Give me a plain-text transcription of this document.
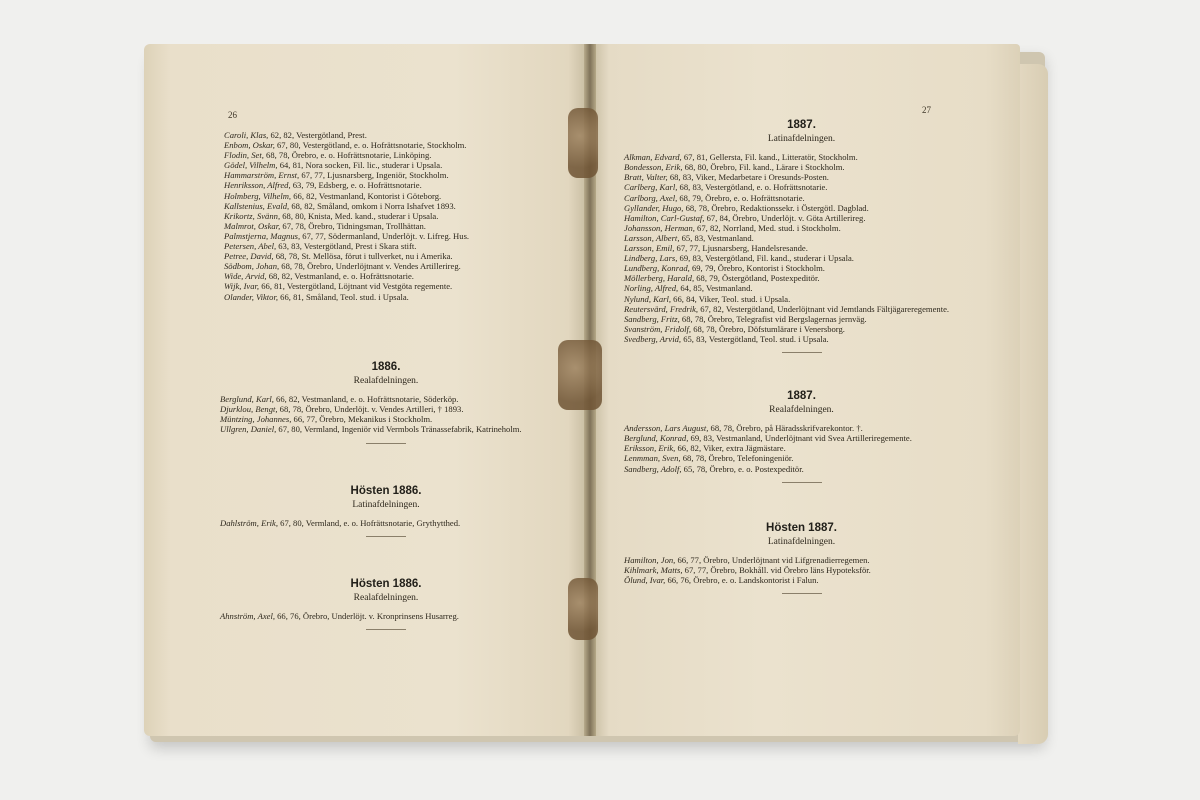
26
Caroli, Klas, 62, 82, Vestergötland, Prest.
Enbom, Oskar, 67, 80, Vestergötland, e. o. Hofrättsnotarie, Stockholm.
Flodin, Set, 68, 78, Örebro, e. o. Hofrättsnotarie, Linköping.
Gödel, Vilhelm, 64, 81, Nora socken, Fil. lic., studerar i Upsala.
Hammarström, Ernst, 67, 77, Ljusnarsberg, Ingeniör, Stockholm.
Henriksson, Alfred, 63, 79, Edsberg, e. o. Hofrättsnotarie.
Holmberg, Vilhelm, 66, 82, Vestmanland, Kontorist i Göteborg.
Kallstenius, Evald, 68, 82, Småland, omkom i Norra Ishafvet 1893.
Krikortz, Svänn, 68, 80, Knista, Med. kand., studerar i Upsala.
Malmrot, Oskar, 67, 78, Örebro, Tidningsman, Trollhättan.
Palmstjerna, Magnus, 67, 77, Södermanland, Underlöjt. v. Lifreg. Hus.
Petersen, Abel, 63, 83, Vestergötland, Prest i Skara stift.
Petree, David, 68, 78, St. Mellösa, förut i tullverket, nu i Amerika.
Södbom, Johan, 68, 78, Örebro, Underlöjtnant v. Vendes Artillerireg.
Wide, Arvid, 68, 82, Vestmanland, e. o. Hofrättsnotarie.
Wijk, Ivar, 66, 81, Vestergötland, Löjtnant vid Vestgöta regemente.
Olander, Viktor, 66, 81, Småland, Teol. stud. i Upsala.
1886.
Realafdelningen.
Berglund, Karl, 66, 82, Vestmanland, e. o. Hofrättsnotarie, Söderköp.
Djurklou, Bengt, 68, 78, Örebro, Underlöjt. v. Vendes Artilleri, † 1893.
Müntzing, Johannes, 66, 77, Örebro, Mekanikus i Stockholm.
Ullgren, Daniel, 67, 80, Vermland, Ingeniör vid Vermbols Tränassefabrik, Katrineholm.
Hösten 1886.
Latinafdelningen.
Dahlström, Erik, 67, 80, Vermland, e. o. Hofrättsnotarie, Grythytthed.
Hösten 1886.
Realafdelningen.
Ahnström, Axel, 66, 76, Örebro, Underlöjt. v. Kronprinsens Husarreg.
27
1887.
Latinafdelningen.
Alkman, Edvard, 67, 81, Gellersta, Fil. kand., Litteratör, Stockholm.
Bondesson, Erik, 68, 80, Örebro, Fil. kand., Lärare i Stockholm.
Bratt, Valter, 68, 83, Viker, Medarbetare i Oresunds-Posten.
Carlberg, Karl, 68, 83, Vestergötland, e. o. Hofrättsnotarie.
Carlborg, Axel, 68, 79, Örebro, e. o. Hofrättsnotarie.
Gyllander, Hugo, 68, 78, Örebro, Redaktionssekr. i Östergötl. Dagblad.
Hamilton, Carl-Gustaf, 67, 84, Örebro, Underlöjt. v. Göta Artillerireg.
Johansson, Herman, 67, 82, Norrland, Med. stud. i Stockholm.
Larsson, Albert, 65, 83, Vestmanland.
Larsson, Emil, 67, 77, Ljusnarsberg, Handelsresande.
Lindberg, Lars, 69, 83, Vestergötland, Fil. kand., studerar i Upsala.
Lundberg, Konrad, 69, 79, Örebro, Kontorist i Stockholm.
Möllerberg, Harald, 68, 79, Östergötland, Postexpeditör.
Norling, Alfred, 64, 85, Vestmanland.
Nylund, Karl, 66, 84, Viker, Teol. stud. i Upsala.
Reutersvärd, Fredrik, 67, 82, Vestergötland, Underlöjtnant vid Jemtlands Fältjägareregemente.
Sandberg, Fritz, 68, 78, Örebro, Telegrafist vid Bergslagernas jernväg.
Svanström, Fridolf, 68, 78, Örebro, Döfstumlärare i Venersborg.
Svedberg, Arvid, 65, 83, Vestergötland, Teol. stud. i Upsala.
1887.
Realafdelningen.
Andersson, Lars August, 68, 78, Örebro, på Häradsskrifvarekontor. †.
Berglund, Konrad, 69, 83, Vestmanland, Underlöjtnant vid Svea Artilleriregemente.
Eriksson, Erik, 66, 82, Viker, extra Jägmästare.
Lenmman, Sven, 68, 78, Örebro, Telefoningeniör.
Sandberg, Adolf, 65, 78, Örebro, e. o. Postexpeditör.
Hösten 1887.
Latinafdelningen.
Hamilton, Jon, 66, 77, Örebro, Underlöjtnant vid Lifgrenadierregemen.
Kihlmark, Matts, 67, 77, Örebro, Bokhåll. vid Örebro läns Hypoteksför.
Ölund, Ivar, 66, 76, Örebro, e. o. Landskontorist i Falun.
